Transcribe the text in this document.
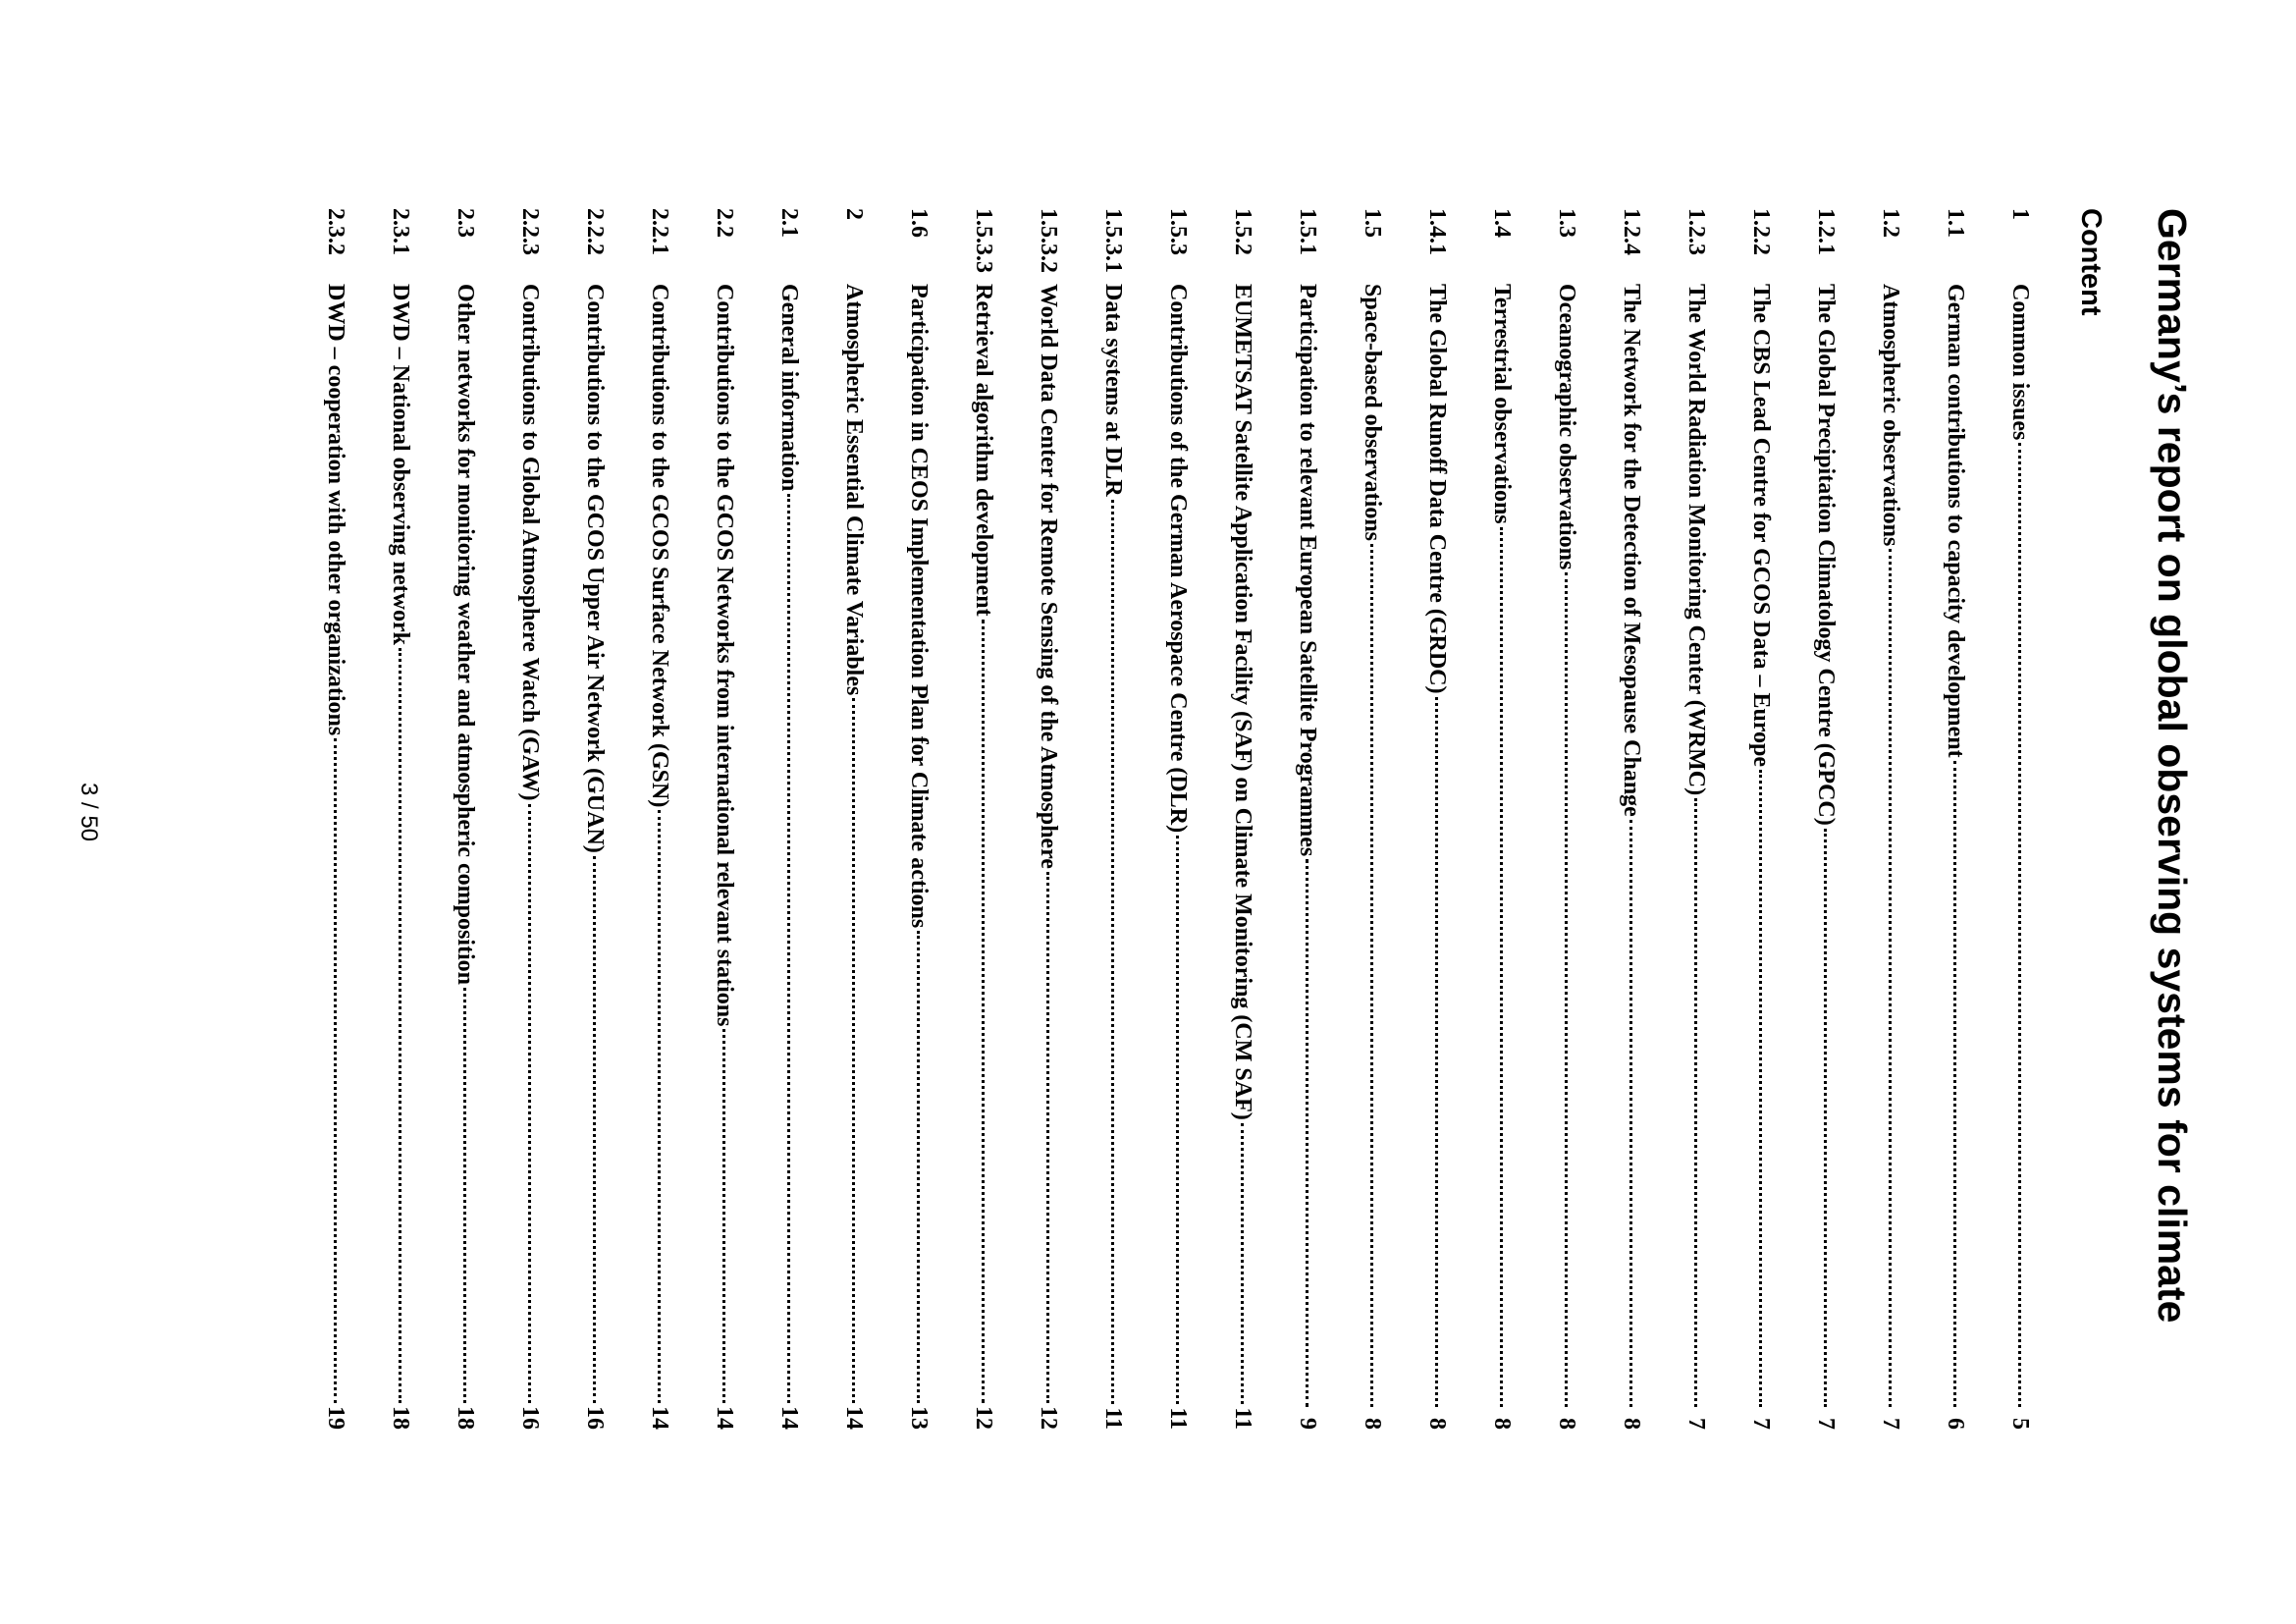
Germany’s report on global observing systems for climate
Content
1
Common issues
5
1.1
German contributions to capacity development
6
1.2
Atmospheric observations
7
1.2.1
The Global Precipitation Climatology Centre (GPCC)
7
1.2.2
The CBS Lead Centre for GCOS Data – Europe
7
1.2.3
The World Radiation Monitoring Center (WRMC)
7
1.2.4
The Network for the Detection of Mesopause Change
8
1.3
Oceanographic observations
8
1.4
Terrestrial observations
8
1.4.1
The Global Runoff Data Centre (GRDC)
8
1.5
Space-based observations
8
1.5.1
Participation to relevant European Satellite Programmes
9
1.5.2
EUMETSAT Satellite Application Facility (SAF) on Climate Monitoring (CM SAF)
11
1.5.3
Contributions of the German Aerospace Centre (DLR)
11
1.5.3.1
Data systems at DLR
11
1.5.3.2
World Data Center for Remote Sensing of the Atmosphere
12
1.5.3.3
Retrieval algorithm development
12
1.6
Participation in CEOS Implementation Plan for Climate actions
13
2
Atmospheric Essential Climate Variables
14
2.1
General information
14
2.2
Contributions to the GCOS Networks from international relevant stations
14
2.2.1
Contributions to the GCOS Surface Network (GSN)
14
2.2.2
Contributions to the GCOS Upper Air Network (GUAN)
16
2.2.3
Contributions to Global Atmosphere Watch (GAW)
16
2.3
Other networks for monitoring weather and atmospheric composition
18
2.3.1
DWD – National observing network
18
2.3.2
DWD – cooperation with other organizations
19
3 / 50
